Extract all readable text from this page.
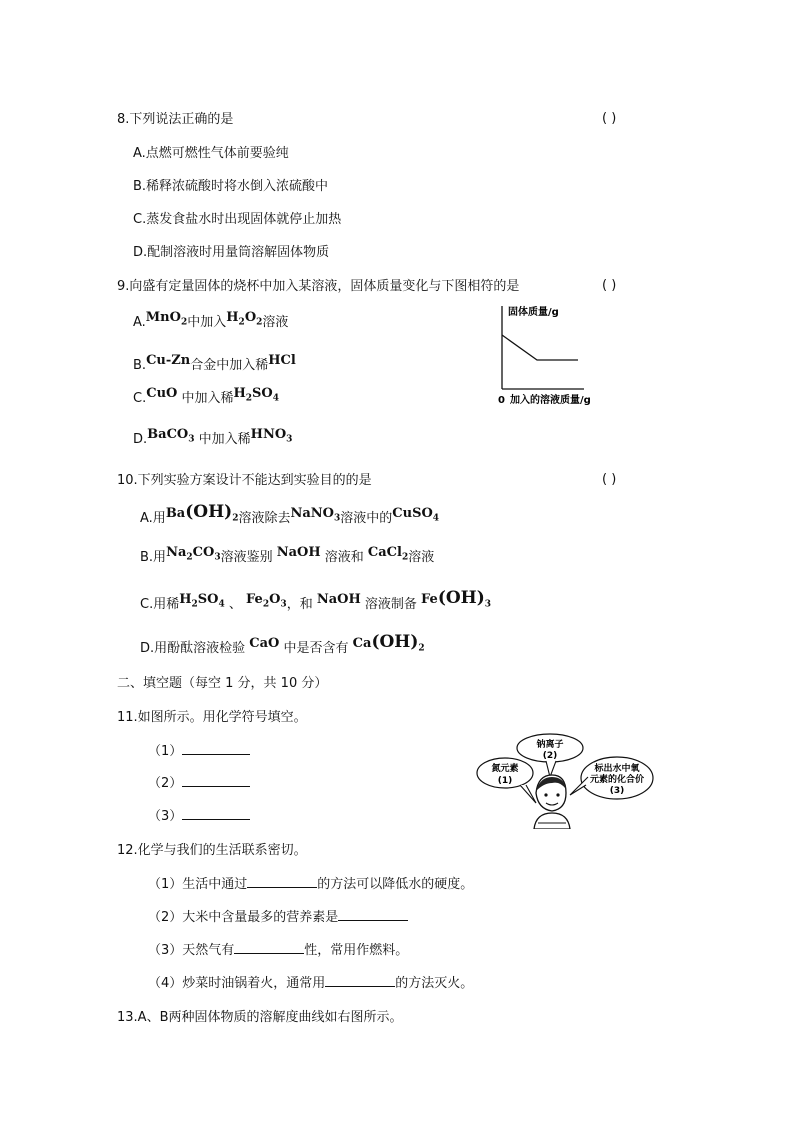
8.下列说法正确的是	( )
A.点燃可燃性气体前要验纯
B.稀释浓硫酸时将水倒入浓硫酸中
C.蒸发食盐水时出现固体就停止加热
D.配制溶液时用量筒溶解固体物质
9.向盛有定量固体的烧杯中加入某溶液，固体质量变化与下图相符的是	( )
A.MnO$_2$中加入$H_2O_2$溶液
B.Cu-Zn合金中加入稀HCl
C.CuO 中加入稀$H_2SO_4$
D.BaCO$_3$ 中加入稀$HNO_3$
固体质量/g
0 加入的溶液质量/g
10.下列实验方案设计不能达到实验目的的是	( )
A.用$Ba(OH)_2$溶液除去NaNO$_3$溶液中的CuSO$_4$
B.用$Na_2CO_3$溶液鉴别 NaOH 溶液和 CaCl$_2$溶液
C.用稀$H_2SO_4$ 、 $Fe_2O_3$，和 NaOH 溶液制备 $Fe(OH)_3$
D.用酚酞溶液检验 CaO 中是否含有 $Ca(OH)_2$
二、填空题（每空 1 分，共 10 分）
11.如图所示。用化学符号填空。
（1）
（2）
（3）
氮元素
(1)
钠离子
(2)
标出水中氧
元素的化合价
(3)
12.化学与我们的生活联系密切。
（1）生活中通过	的方法可以降低水的硬度。
（2）大米中含量最多的营养素是
（3）天然气有	性，常用作燃料。
（4）炒菜时油锅着火，通常用	的方法灭火。
13.A、B两种固体物质的溶解度曲线如右图所示。
